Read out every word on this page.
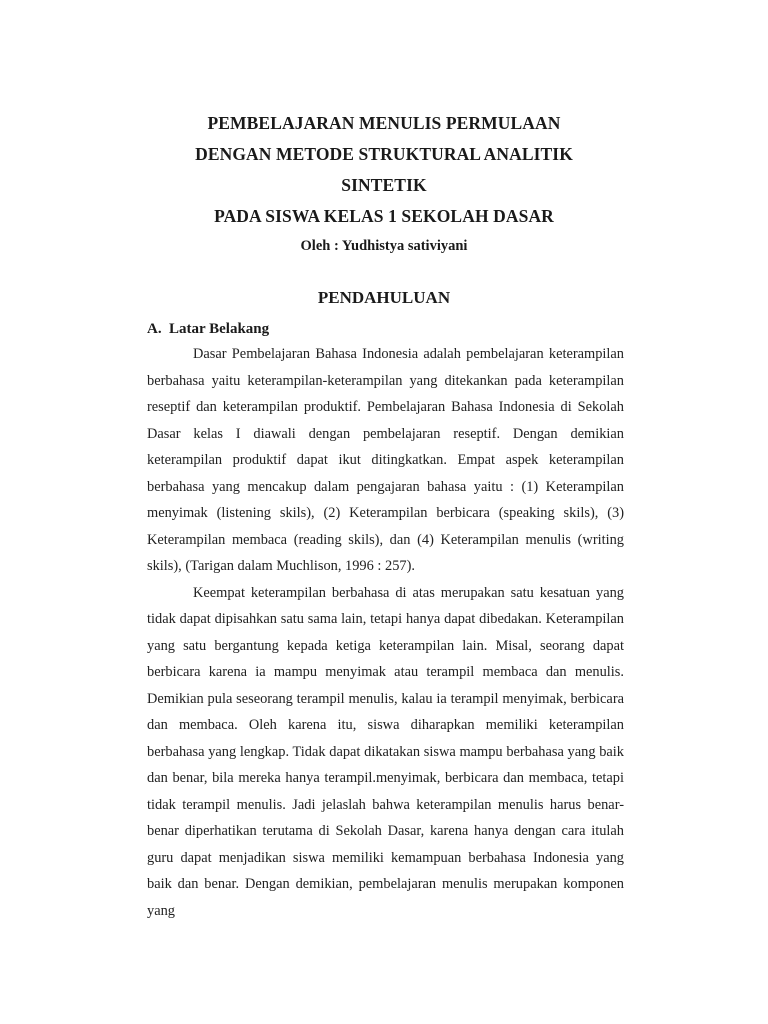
PEMBELAJARAN MENULIS PERMULAAN
DENGAN METODE STRUKTURAL ANALITIK
SINTETIK
PADA SISWA KELAS 1 SEKOLAH DASAR
Oleh : Yudhistya sativiyani
PENDAHULUAN
A. Latar Belakang

Dasar Pembelajaran Bahasa Indonesia adalah pembelajaran keterampilan berbahasa yaitu keterampilan-keterampilan yang ditekankan pada keterampilan reseptif dan keterampilan produktif. Pembelajaran Bahasa Indonesia di Sekolah Dasar kelas I diawali dengan pembelajaran reseptif. Dengan demikian keterampilan produktif dapat ikut ditingkatkan. Empat aspek keterampilan berbahasa yang mencakup dalam pengajaran bahasa yaitu : (1) Keterampilan menyimak (listening skils), (2) Keterampilan berbicara (speaking skils), (3) Keterampilan membaca (reading skils), dan (4) Keterampilan menulis (writing skils), (Tarigan dalam Muchlison, 1996 : 257).

Keempat keterampilan berbahasa di atas merupakan satu kesatuan yang tidak dapat dipisahkan satu sama lain, tetapi hanya dapat dibedakan. Keterampilan yang satu bergantung kepada ketiga keterampilan lain. Misal, seorang dapat berbicara karena ia mampu menyimak atau terampil membaca dan menulis. Demikian pula seseorang terampil menulis, kalau ia terampil menyimak, berbicara dan membaca. Oleh karena itu, siswa diharapkan memiliki keterampilan berbahasa yang lengkap. Tidak dapat dikatakan siswa mampu berbahasa yang baik dan benar, bila mereka hanya terampil.menyimak, berbicara dan membaca, tetapi tidak terampil menulis. Jadi jelaslah bahwa keterampilan menulis harus benar-benar diperhatikan terutama di Sekolah Dasar, karena hanya dengan cara itulah guru dapat menjadikan siswa memiliki kemampuan berbahasa Indonesia yang baik dan benar. Dengan demikian, pembelajaran menulis merupakan komponen yang
